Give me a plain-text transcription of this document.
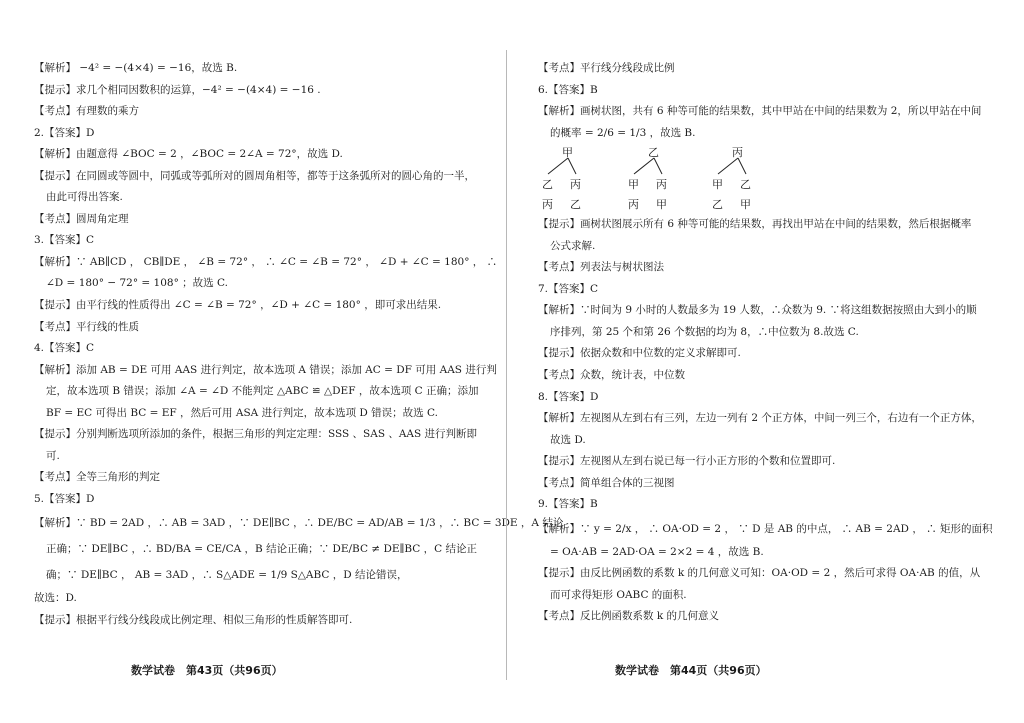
【解析】 −4² = −(4×4) = −16，故选 B.
【提示】求几个相同因数积的运算，−4² = −(4×4) = −16 .
【考点】有理数的乘方
2.【答案】D
【解析】由题意得 ∠BOC = 2 ，∠BOC = 2∠A = 72°，故选 D.
【提示】在同圆或等圆中，同弧或等弧所对的圆周角相等，都等于这条弧所对的圆心角的一半，
由此可得出答案.
【考点】圆周角定理
3.【答案】C
【解析】∵ AB∥CD ， CB∥DE ， ∠B = 72° ， ∴ ∠C = ∠B = 72° ， ∠D + ∠C = 180° ， ∴
∠D = 180° − 72° = 108° ；故选 C.
【提示】由平行线的性质得出 ∠C = ∠B = 72° ，∠D + ∠C = 180° ，即可求出结果.
【考点】平行线的性质
4.【答案】C
【解析】添加 AB = DE 可用 AAS 进行判定，故本选项 A 错误；添加 AC = DF 可用 AAS 进行判
定，故本选项 B 错误；添加 ∠A = ∠D 不能判定 △ABC ≌ △DEF ，故本选项 C 正确；添加
BF = EC 可得出 BC = EF ，然后可用 ASA 进行判定，故本选项 D 错误；故选 C.
【提示】分别判断选项所添加的条件，根据三角形的判定定理：SSS 、SAS 、AAS 进行判断即
可.
【考点】全等三角形的判定
5.【答案】D
【解析】∵ BD = 2AD ，∴ AB = 3AD ，∵ DE∥BC ，∴ DE/BC = AD/AB = 1/3 ，∴ BC = 3DE ，A 结论
正确；∵ DE∥BC ，∴ BD/BA = CE/CA ，B 结论正确；∵ DE/BC ≠ DE∥BC ，C 结论正
确；∵ DE∥BC ， AB = 3AD ，∴ S△ADE = 1/9 S△ABC ，D 结论错误，
故选：D.
【提示】根据平行线分线段成比例定理、相似三角形的性质解答即可.
【考点】平行线分线段成比例
6.【答案】B
【解析】画树状图，共有 6 种等可能的结果数，其中甲站在中间的结果数为 2，所以甲站在中间
的概率 = 2/6 = 1/3 ，故选 B.
甲
乙 丙
丙 乙
乙
甲 丙
丙 甲
丙
甲 乙
乙 甲
【提示】画树状图展示所有 6 种等可能的结果数，再找出甲站在中间的结果数，然后根据概率
公式求解.
【考点】列表法与树状图法
7.【答案】C
【解析】∵时间为 9 小时的人数最多为 19 人数，∴众数为 9. ∵将这组数据按照由大到小的顺
序排列，第 25 个和第 26 个数据的均为 8，∴中位数为 8.故选 C.
【提示】依据众数和中位数的定义求解即可.
【考点】众数，统计表，中位数
8.【答案】D
【解析】左视图从左到右有三列，左边一列有 2 个正方体，中间一列三个，右边有一个正方体，
故选 D.
【提示】左视图从左到右说已每一行小正方形的个数和位置即可.
【考点】简单组合体的三视图
9.【答案】B
【解析】∵ y = 2/x ， ∴ OA·OD = 2 ， ∵ D 是 AB 的中点， ∴ AB = 2AD ， ∴ 矩形的面积
= OA·AB = 2AD·OA = 2×2 = 4 ，故选 B.
【提示】由反比例函数的系数 k 的几何意义可知：OA·OD = 2 ，然后可求得 OA·AB 的值，从
而可求得矩形 OABC 的面积.
【考点】反比例函数系数 k 的几何意义
数学试卷　第43页（共96页）	数学试卷　第44页（共96页）
